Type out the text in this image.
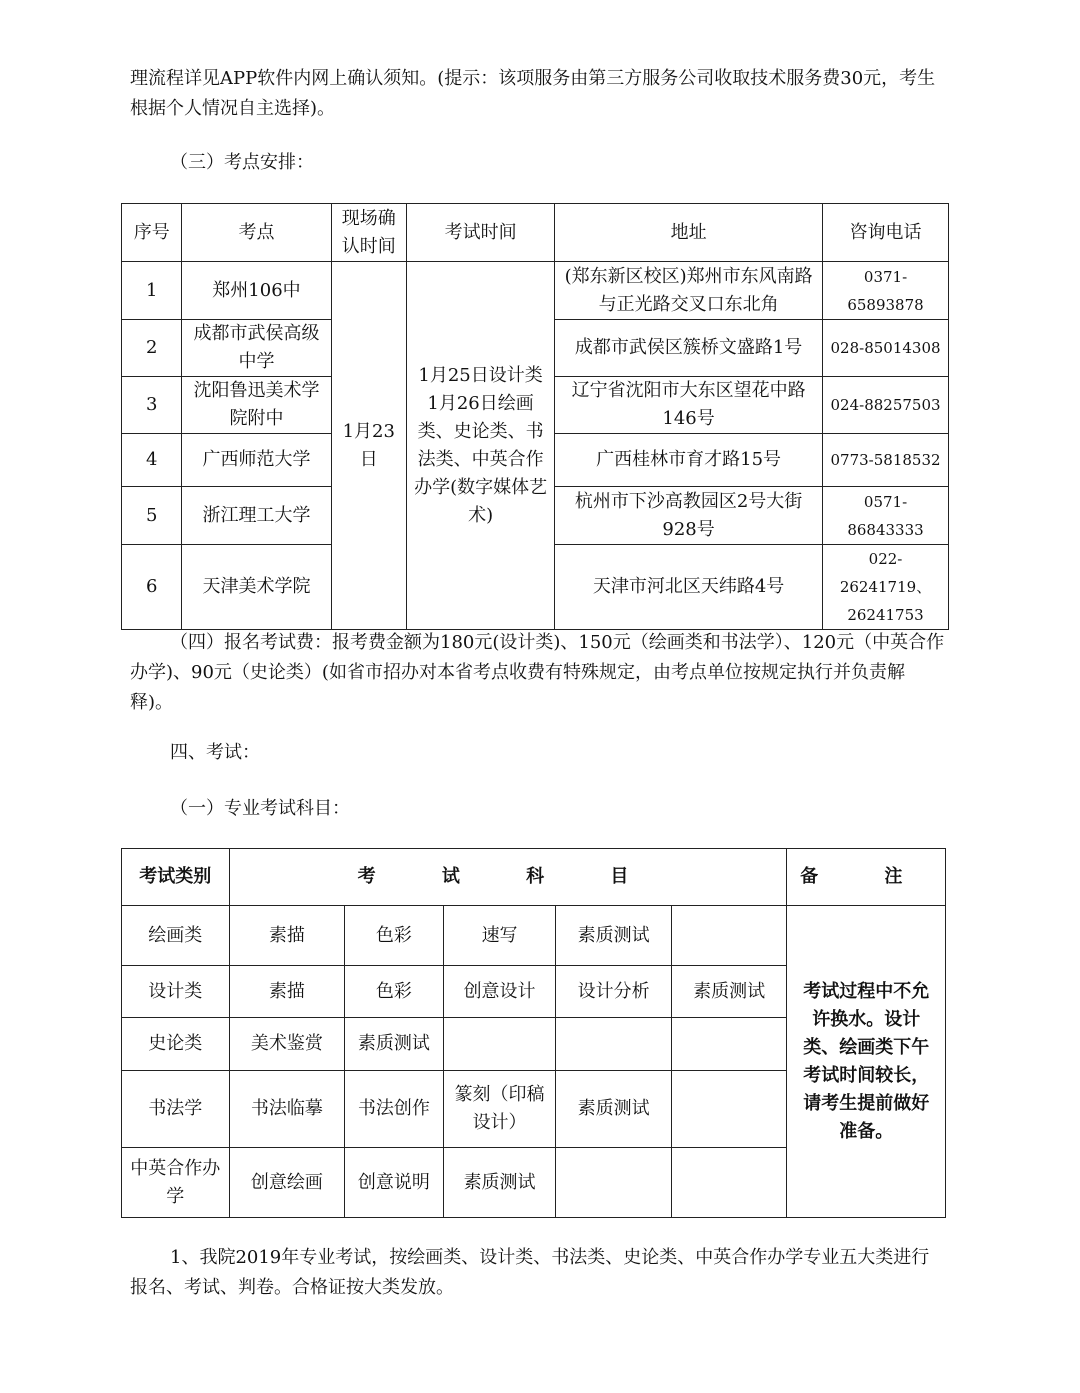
理流程详见APP软件内网上确认须知。(提示：该项服务由第三方服务公司收取技术服务费30元，考生根据个人情况自主选择)。

（三）考点安排：

序号	考点	现场确认时间	考试时间	地址	咨询电话
1	郑州106中	1月23日	1月25日设计类 1月26日绘画类、史论类、书法类、中英合作办学(数字媒体艺术)	(郑东新区校区)郑州市东风南路与正光路交叉口东北角	0371-65893878
2	成都市武侯高级中学			成都市武侯区簇桥文盛路1号	028-85014308
3	沈阳鲁迅美术学院附中			辽宁省沈阳市大东区望花中路146号	024-88257503
4	广西师范大学			广西桂林市育才路15号	0773-5818532
5	浙江理工大学			杭州市下沙高教园区2号大街928号	0571-86843333
6	天津美术学院			天津市河北区天纬路4号	022-26241719、26241753

（四）报名考试费：报考费金额为180元(设计类)、150元（绘画类和书法学）、120元（中英合作办学)、90元（史论类）(如省市招办对本省考点收费有特殊规定，由考点单位按规定执行并负责解释)。

四、考试：

（一）专业考试科目：

考试类别	考 试 科 目					备 注
绘画类	素描	色彩	速写	素质测试		考试过程中不允许换水。设计类、绘画类下午考试时间较长，请考生提前做好准备。
设计类	素描	色彩	创意设计	设计分析	素质测试	
史论类	美术鉴赏	素质测试				
书法学	书法临摹	书法创作	篆刻（印稿设计）	素质测试		
中英合作办学	创意绘画	创意说明	素质测试			

1、我院2019年专业考试，按绘画类、设计类、书法类、史论类、中英合作办学专业五大类进行报名、考试、判卷。合格证按大类发放。
